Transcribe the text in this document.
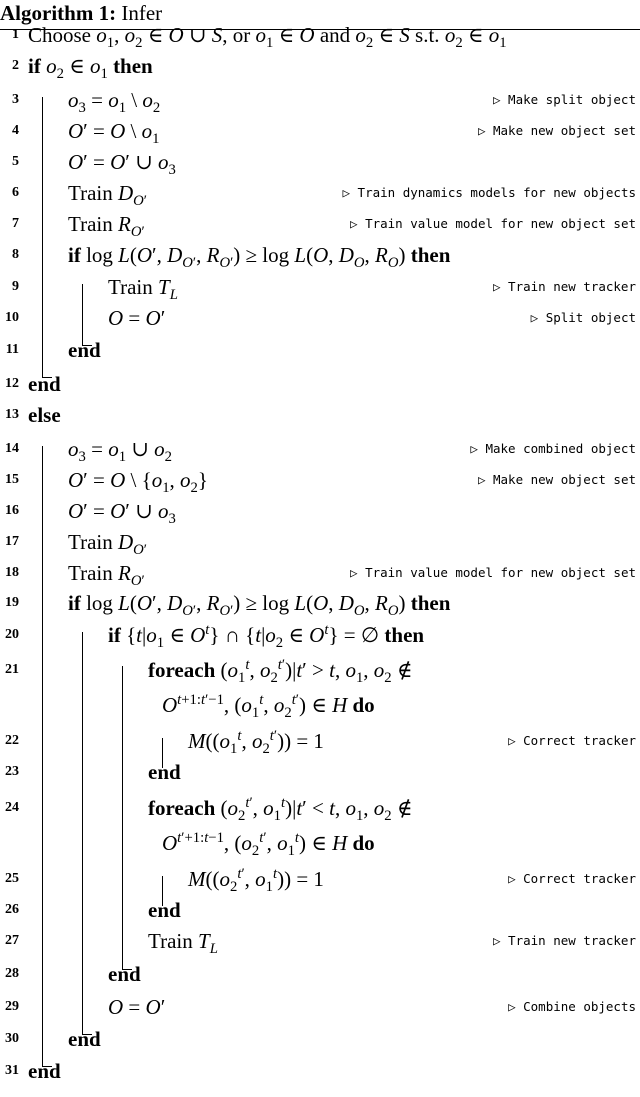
Algorithm 1: Infer
1 Choose $o_1$, $o_2$ ∈ O ∪ S, or $o_1$ ∈ O and $o_2$ ∈ S s.t. $o_2$ ∈ $o_1$
2 if $o_2$ ∈ $o_1$ then
3 $o_3 = o_1$ \ $o_2$
▷ Make split object
4 O′ = O \ $o_1$
▷ Make new object set
5 O′ = O′ ∪ $o_3$
6 Train $D_{O'}$
▷ Train dynamics models for new objects
7 Train $R_{O'}$
▷ Train value model for new object set
8 if log L(O′, $D_{O'}$, $R_{O'}) \ge \log L(O$, $D_O$, $R_O$) then
9	Train $T_L$
▷ Train new tracker
10	O = O′	▷ Split object
11 end
12 end
13 else
14 $o_3 = o_1$ ∪ $o_2$
▷ Make combined object
15 O′ = O \ {$o_1$, $o_2$}	▷ Make new object set
16 O′ = O′ ∪ $o_3$
17 Train $D_{O'}$
18 Train $R_{O'}$
▷ Train value model for new object set
19 if log L(O′, $D_{O'}$, $R_{O'}) \ge \log L(O$, $D_O$, $R_O$) then
20	if {$t|o_1$ ∈ $O^t$} ∩ {$t|o_2$ ∈ $O^t$} = ∅ then
21	foreach ($o_1^t$, $o_2^{t'})|t' > t$, $o_1$, $o_2$ ∉
$O^{t+1:t'-1}$, ($o_1^t$, $o_2^{t'}$) ∈ H do
22	$M((o_1^t$, $o_2^{t'})) = 1$	▷ Correct tracker
23	end
24	foreach ($o_2^{t'}$, $o_1^t)|t' < t$, $o_1$, $o_2$ ∉
$O^{t'+1:t-1}$, ($o_2^{t'}$, $o_1^t$) ∈ H do
25	$M((o_2^{t'}$, $o_1^t)) = 1$	▷ Correct tracker
26	end
27	Train $T_L$
▷ Train new tracker
28	end
29	O = O′	▷ Combine objects
30 end
31 end
